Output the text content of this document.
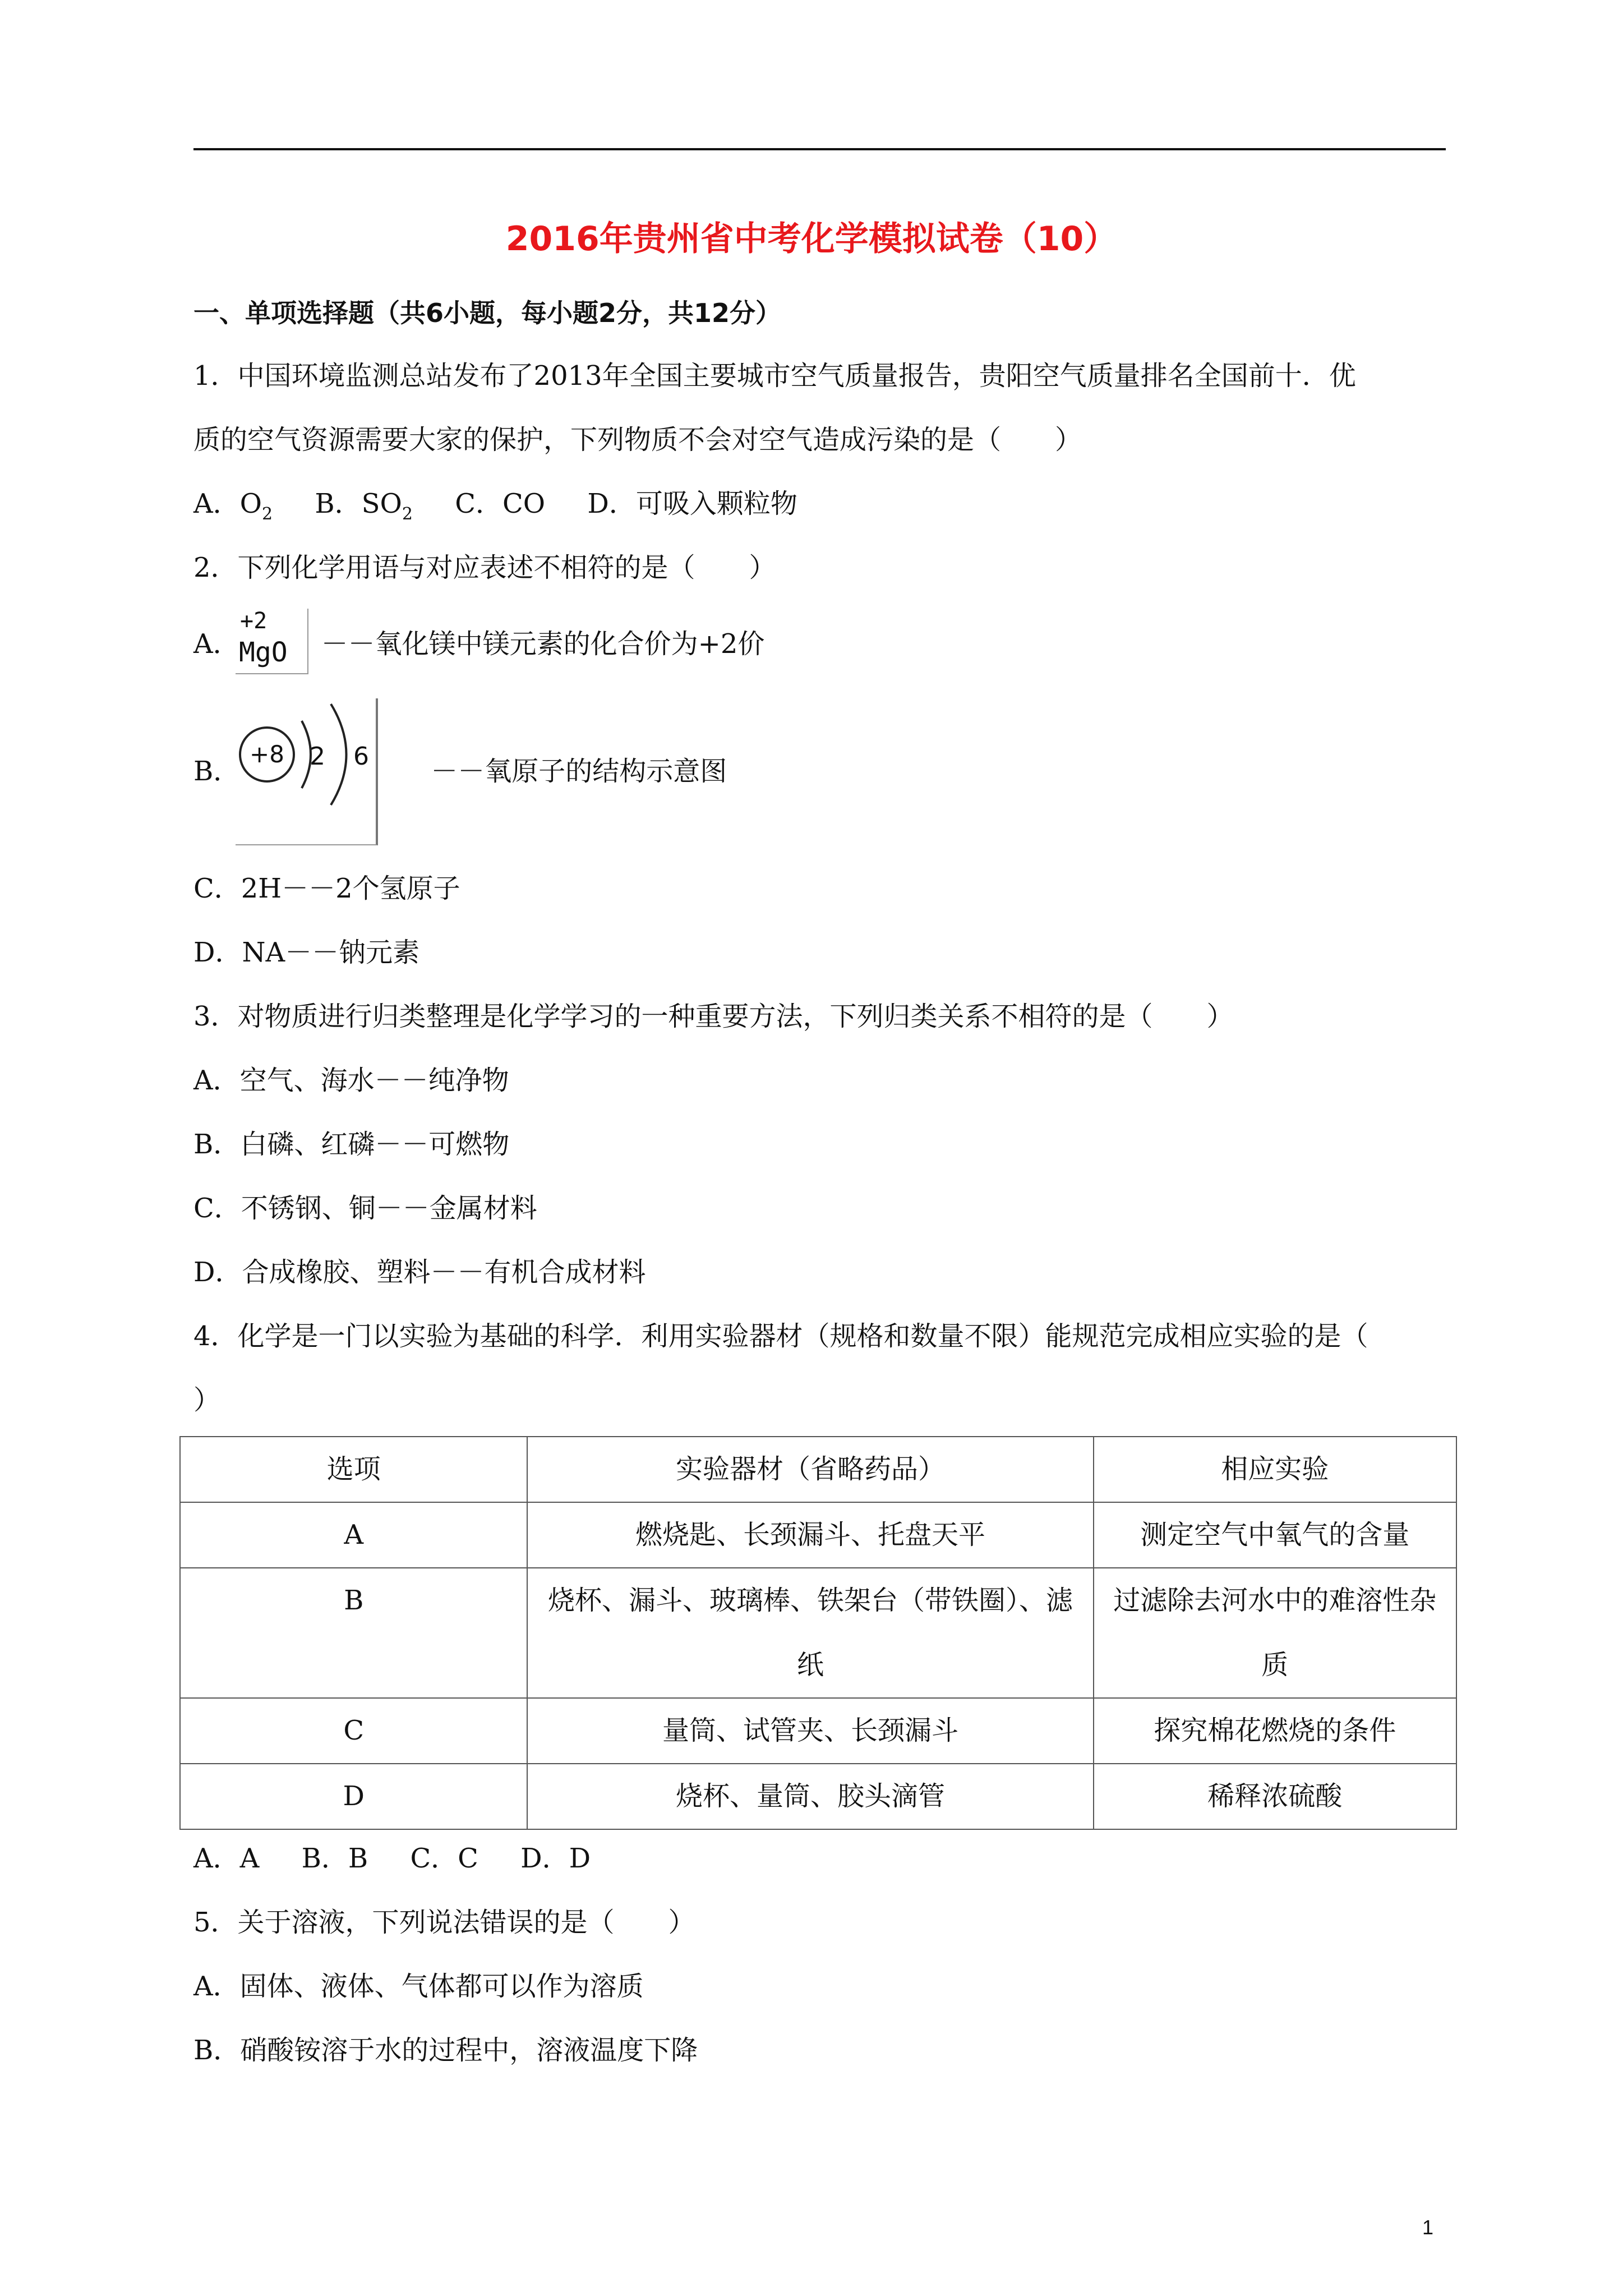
2016年贵州省中考化学模拟试卷（10）
一、单项选择题（共6小题，每小题2分，共12分）
1．中国环境监测总站发布了2013年全国主要城市空气质量报告，贵阳空气质量排名全国前十．优
质的空气资源需要大家的保护，下列物质不会对空气造成污染的是（　　）
A．$O_2$ B．$SO_2$ C．CO D．可吸入颗粒物
2．下列化学用语与对应表述不相符的是（　　）
A．	－－氧化镁中镁元素的化合价为+2价
+2
MgO
B．	－－氧原子的结构示意图
+8	2 6
C．2H－－2个氢原子
D．NA－－钠元素
3．对物质进行归类整理是化学学习的一种重要方法，下列归类关系不相符的是（　　）
A．空气、海水－－纯净物
B．白磷、红磷－－可燃物
C．不锈钢、铜－－金属材料
D．合成橡胶、塑料－－有机合成材料
4．化学是一门以实验为基础的科学．利用实验器材（规格和数量不限）能规范完成相应实验的是（
）
选项	实验器材（省略药品）	相应实验
A	燃烧匙、长颈漏斗、托盘天平	测定空气中氧气的含量
B	烧杯、漏斗、玻璃棒、铁架台（带铁圈）、滤纸	过滤除去河水中的难溶性杂质
C	量筒、试管夹、长颈漏斗	探究棉花燃烧的条件
D	烧杯、量筒、胶头滴管	稀释浓硫酸
A．A B．B C．C D．D
5．关于溶液，下列说法错误的是（　　）
A．固体、液体、气体都可以作为溶质
B．硝酸铵溶于水的过程中，溶液温度下降
1
